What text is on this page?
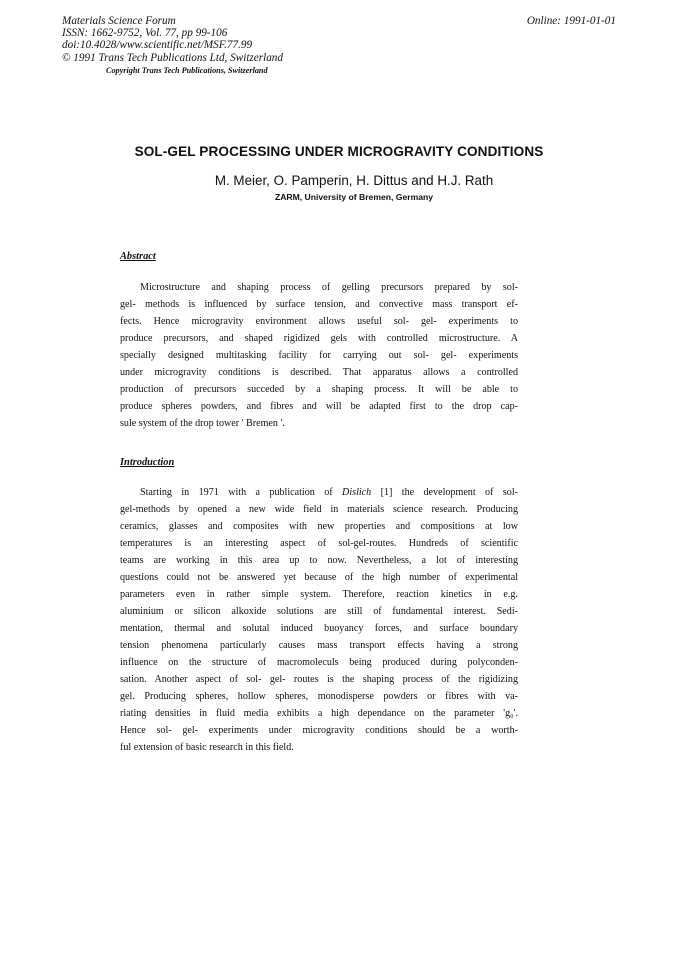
Materials Science Forum
ISSN: 1662-9752, Vol. 77, pp 99-106
doi:10.4028/www.scientific.net/MSF.77.99
© 1991 Trans Tech Publications Ltd, Switzerland
Online: 1991-01-01
Copyright Trans Tech Publications, Switzerland
SOL-GEL PROCESSING UNDER MICROGRAVITY CONDITIONS
M. Meier, O. Pamperin, H. Dittus and H.J. Rath
ZARM, University of Bremen, Germany
Abstract
Microstructure and shaping process of gelling precursors prepared by sol-
gel- methods is influenced by surface tension, and convective mass transport ef-
fects. Hence microgravity environment allows useful sol- gel- experiments to
produce precursors, and shaped rigidized gels with controlled microstructure. A
specially designed multitasking facility for carrying out sol- gel- experiments
under microgravity conditions is described. That apparatus allows a controlled
production of precursors succeded by a shaping process. It will be able to
produce spheres powders, and fibres and will be adapted first to the drop cap-
sule system of the drop tower ' Bremen '.
Introduction
Starting in 1971 with a publication of Dislich [1] the development of sol-
gel-methods by opened a new wide field in materials science research. Producing
ceramics, glasses and composites with new properties and compositions at low
temperatures is an interesting aspect of sol-gel-routes. Hundreds of scientific
teams are working in this area up to now. Nevertheless, a lot of interesting
questions could not be answered yet because of the high number of experimental
parameters even in rather simple system. Therefore, reaction kinetics in e.g.
aluminium or silicon alkoxide solutions are still of fundamental interest. Sedi-
mentation, thermal and solutal induced buoyancy forces, and surface boundary
tension phenomena particularly causes mass transport effects having a strong
influence on the structure of macromoleculs being produced during polyconden-
sation. Another aspect of sol- gel- routes is the shaping process of the rigidizing
gel. Producing spheres, hollow spheres, monodisperse powders or fibres with va-
riating densities in fluid media exhibits a high dependance on the parameter 'g₀'.
Hence sol- gel- experiments under microgravity conditions should be a worth-
ful extension of basic research in this field.
